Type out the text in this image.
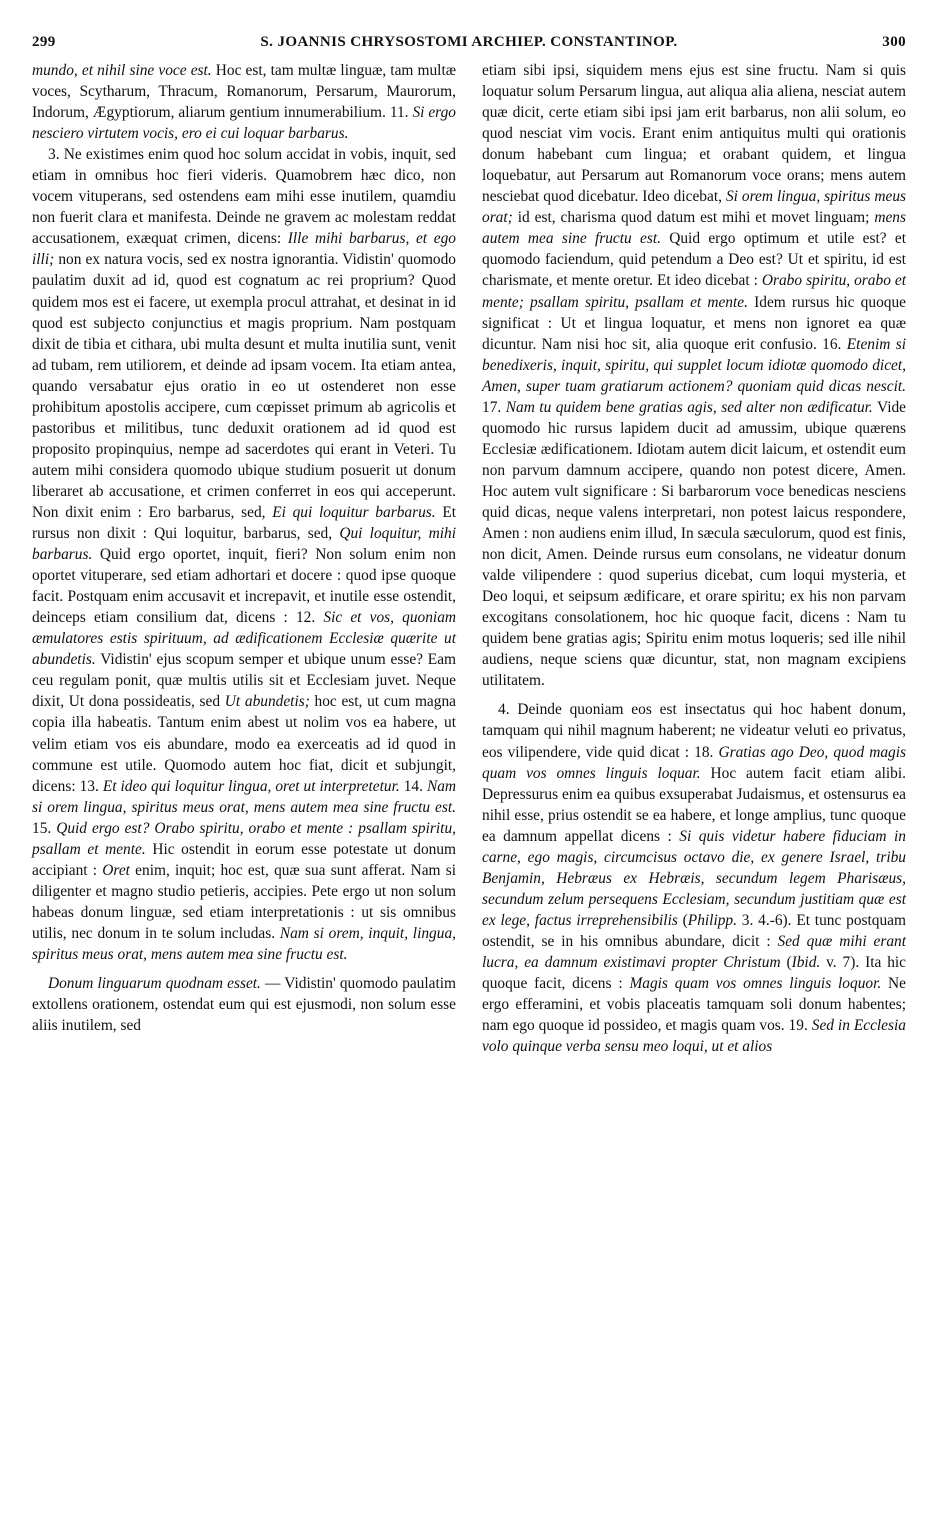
299	S. JOANNIS CHRYSOSTOMI ARCHIEP. CONSTANTINOP.	300

mundo, et nihil sine voce est. Hoc est, tam multæ linguæ, tam multæ voces, Scytharum, Thracum, Romanorum, Persarum, Maurorum, Indorum, Ægyptiorum, aliarum gentium innumerabilium. 11. Si ergo nesciero virtutem vocis, ero ei cui loquar barbarus.

3. Ne existimes enim quod hoc solum accidat in vobis, inquit, sed etiam in omnibus hoc fieri videris. Quamobrem hæc dico, non vocem vituperans, sed ostendens eam mihi esse inutilem, quamdiu non fuerit clara et manifesta. Deinde ne gravem ac molestam reddat accusationem, exæquat crimen, dicens: Ille mihi barbarus, et ego illi; non ex natura vocis, sed ex nostra ignorantia. Vidistin' quomodo paulatim duxit ad id, quod est cognatum ac rei proprium? Quod quidem mos est ei facere, ut exempla procul attrahat, et desinat in id quod est subjecto conjunctius et magis proprium. Nam postquam dixit de tibia et cithara, ubi multa desunt et multa inutilia sunt, venit ad tubam, rem utiliorem, et deinde ad ipsam vocem. Ita etiam antea, quando versabatur ejus oratio in eo ut ostenderet non esse prohibitum apostolis accipere, cum cœpisset primum ab agricolis et pastoribus et militibus, tunc deduxit orationem ad id quod est proposito propinquius, nempe ad sacerdotes qui erant in Veteri. Tu autem mihi considera quomodo ubique studium posuerit ut donum liberaret ab accusatione, et crimen conferret in eos qui acceperunt. Non dixit enim : Ero barbarus, sed, Ei qui loquitur barbarus. Et rursus non dixit : Qui loquitur, barbarus, sed, Qui loquitur, mihi barbarus. Quid ergo oportet, inquit, fieri? Non solum enim non oportet vituperare, sed etiam adhortari et docere : quod ipse quoque facit. Postquam enim accusavit et increpavit, et inutile esse ostendit, deinceps etiam consilium dat, dicens : 12. Sic et vos, quoniam æmulatores estis spirituum, ad ædificationem Ecclesiæ quærite ut abundetis. Vidistin' ejus scopum semper et ubique unum esse? Eam ceu regulam ponit, quæ multis utilis sit et Ecclesiam juvet. Neque dixit, Ut dona possideatis, sed Ut abundetis; hoc est, ut cum magna copia illa habeatis. Tantum enim abest ut nolim vos ea habere, ut velim etiam vos eis abundare, modo ea exerceatis ad id quod in commune est utile. Quomodo autem hoc fiat, dicit et subjungit, dicens: 13. Et ideo qui loquitur lingua, oret ut interpretetur. 14. Nam si orem lingua, spiritus meus orat, mens autem mea sine fructu est. 15. Quid ergo est? Orabo spiritu, orabo et mente : psallam spiritu, psallam et mente. Hic ostendit in eorum esse potestate ut donum accipiant : Oret enim, inquit; hoc est, quæ sua sunt afferat. Nam si diligenter et magno studio petieris, accipies. Pete ergo ut non solum habeas donum linguæ, sed etiam interpretationis : ut sis omnibus utilis, nec donum in te solum includas. Nam si orem, inquit, lingua, spiritus meus orat, mens autem mea sine fructu est.

Donum linguarum quodnam esset. — Vidistin' quomodo paulatim extollens orationem, ostendat eum qui est ejusmodi, non solum esse aliis inutilem, sed

etiam sibi ipsi, siquidem mens ejus est sine fructu. Nam si quis loquatur solum Persarum lingua, aut aliqua alia aliena, nesciat autem quæ dicit, certe etiam sibi ipsi jam erit barbarus, non alii solum, eo quod nesciat vim vocis. Erant enim antiquitus multi qui orationis donum habebant cum lingua; et orabant quidem, et lingua loquebatur, aut Persarum aut Romanorum voce orans; mens autem nesciebat quod dicebatur. Ideo dicebat, Si orem lingua, spiritus meus orat; id est, charisma quod datum est mihi et movet linguam; mens autem mea sine fructu est. Quid ergo optimum et utile est? et quomodo faciendum, quid petendum a Deo est? Ut et spiritu, id est charismate, et mente oretur. Et ideo dicebat : Orabo spiritu, orabo et mente; psallam spiritu, psallam et mente. Idem rursus hic quoque significat : Ut et lingua loquatur, et mens non ignoret ea quæ dicuntur. Nam nisi hoc sit, alia quoque erit confusio. 16. Etenim si benedixeris, inquit, spiritu, qui supplet locum idiotæ quomodo dicet, Amen, super tuam gratiarum actionem? quoniam quid dicas nescit. 17. Nam tu quidem bene gratias agis, sed alter non ædificatur. Vide quomodo hic rursus lapidem ducit ad amussim, ubique quærens Ecclesiæ ædificationem. Idiotam autem dicit laicum, et ostendit eum non parvum damnum accipere, quando non potest dicere, Amen. Hoc autem vult significare : Si barbarorum voce benedicas nesciens quid dicas, neque valens interpretari, non potest laicus respondere, Amen : non audiens enim illud, In sæcula sæculorum, quod est finis, non dicit, Amen. Deinde rursus eum consolans, ne videatur donum valde vilipendere : quod superius dicebat, cum loqui mysteria, et Deo loqui, et seipsum ædificare, et orare spiritu; ex his non parvam excogitans consolationem, hoc hic quoque facit, dicens : Nam tu quidem bene gratias agis; Spiritu enim motus loqueris; sed ille nihil audiens, neque sciens quæ dicuntur, stat, non magnam excipiens utilitatem.

4. Deinde quoniam eos est insectatus qui hoc habent donum, tamquam qui nihil magnum haberent; ne videatur veluti eo privatus, eos vilipendere, vide quid dicat : 18. Gratias ago Deo, quod magis quam vos omnes linguis loquar. Hoc autem facit etiam alibi. Depressurus enim ea quibus exsuperabat Judaismus, et ostensurus ea nihil esse, prius ostendit se ea habere, et longe amplius, tunc quoque ea damnum appellat dicens : Si quis videtur habere fiduciam in carne, ego magis, circumcisus octavo die, ex genere Israel, tribu Benjamin, Hebræus ex Hebræis, secundum legem Pharisæus, secundum zelum persequens Ecclesiam, secundum justitiam quæ est ex lege, factus irreprehensibilis (Philipp. 3. 4.-6). Et tunc postquam ostendit, se in his omnibus abundare, dicit : Sed quæ mihi erant lucra, ea damnum existimavi propter Christum (Ibid. v. 7). Ita hic quoque facit, dicens : Magis quam vos omnes linguis loquor. Ne ergo efferamini, et vobis placeatis tamquam soli donum habentes; nam ego quoque id possideo, et magis quam vos. 19. Sed in Ecclesia volo quinque verba sensu meo loqui, ut et alios
